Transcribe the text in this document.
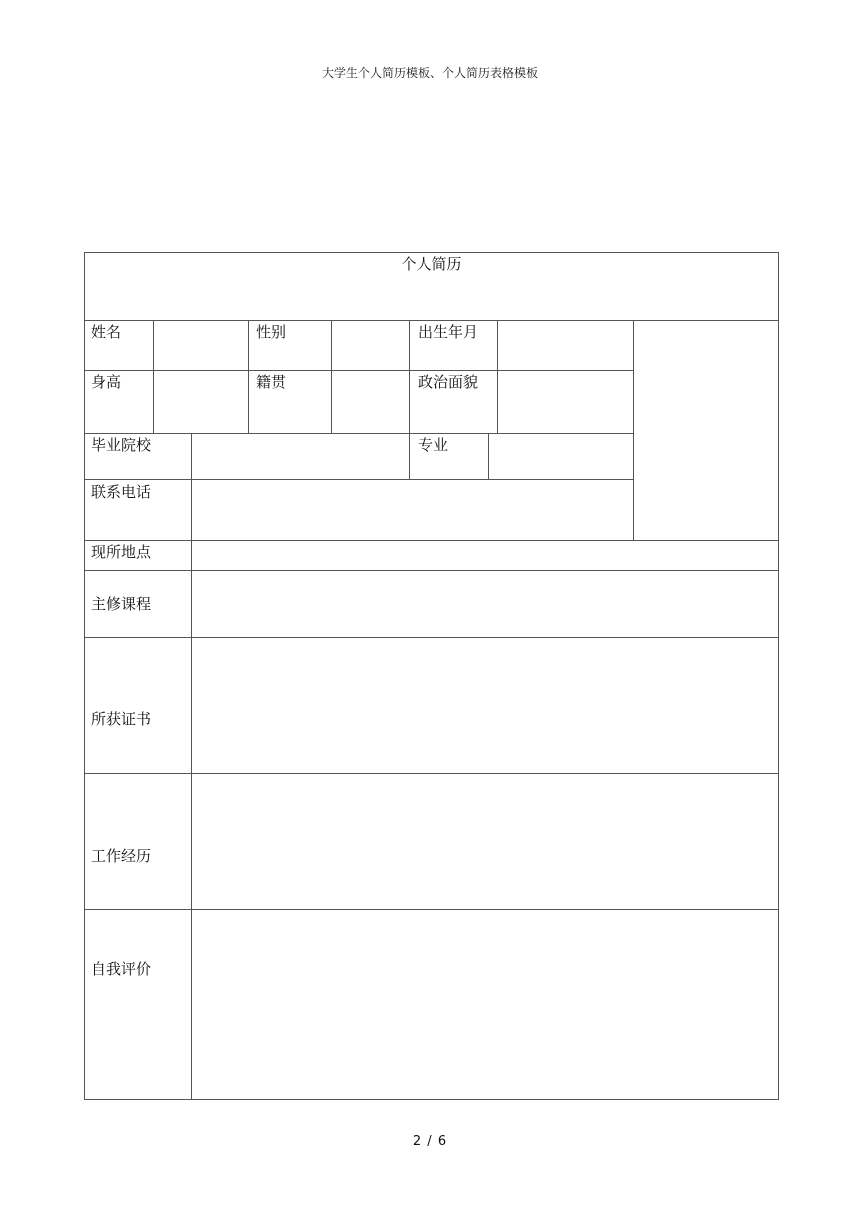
大学生个人简历模板、个人简历表格模板
个人简历
姓名	性别	出生年月
身高	籍贯	政治面貌
毕业院校	专业
联系电话
现所地点
主修课程
所获证书
工作经历
自我评价
2 / 6
